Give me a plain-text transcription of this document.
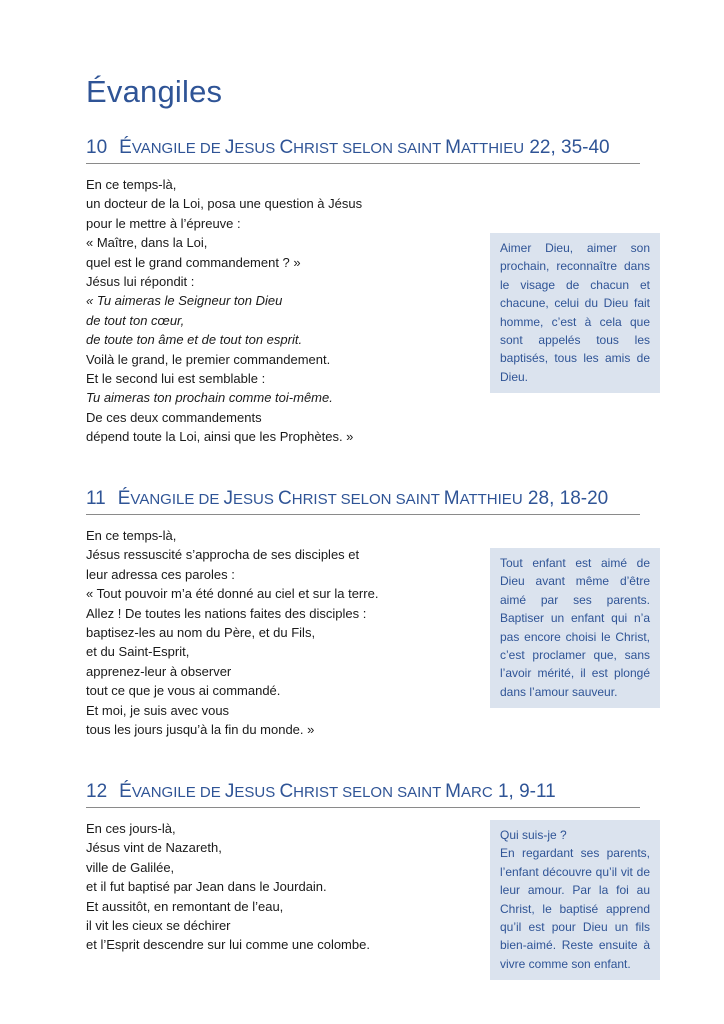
Évangiles
10 ÉVANGILE DE JESUS CHRIST SELON SAINT MATTHIEU 22, 35-40
En ce temps-là,
un docteur de la Loi, posa une question à Jésus
pour le mettre à l’épreuve :
« Maître, dans la Loi,
quel est le grand commandement ? »
Jésus lui répondit :
« Tu aimeras le Seigneur ton Dieu
de tout ton cœur,
de toute ton âme et de tout ton esprit.
Voilà le grand, le premier commandement.
Et le second lui est semblable :
Tu aimeras ton prochain comme toi-même.
De ces deux commandements
dépend toute la Loi, ainsi que les Prophètes. »
Aimer Dieu, aimer son prochain, reconnaître dans le visage de chacun et chacune, celui du Dieu fait homme, c’est à cela que sont appelés tous les baptisés, tous les amis de Dieu.
11 ÉVANGILE DE JESUS CHRIST SELON SAINT MATTHIEU 28, 18-20
En ce temps-là,
Jésus ressuscité s’approcha de ses disciples et
leur adressa ces paroles :
« Tout pouvoir m’a été donné au ciel et sur la terre.
Allez ! De toutes les nations faites des disciples :
baptisez-les au nom du Père, et du Fils,
et du Saint-Esprit,
apprenez-leur à observer
tout ce que je vous ai commandé.
Et moi, je suis avec vous
tous les jours jusqu’à la fin du monde. »
Tout enfant est aimé de Dieu avant même d’être aimé par ses parents. Baptiser un enfant qui n’a pas encore choisi le Christ, c’est proclamer que, sans l’avoir mérité, il est plongé dans l’amour sauveur.
12 ÉVANGILE DE JESUS CHRIST SELON SAINT MARC 1, 9-11
En ces jours-là,
Jésus vint de Nazareth,
ville de Galilée,
et il fut baptisé par Jean dans le Jourdain.
Et aussitôt, en remontant de l’eau,
il vit les cieux se déchirer
et l’Esprit descendre sur lui comme une colombe.
Qui suis-je ?
En regardant ses parents, l’enfant découvre qu’il vit de leur amour. Par la foi au Christ, le baptisé apprend qu’il est pour Dieu un fils bien-aimé. Reste ensuite à vivre comme son enfant.
